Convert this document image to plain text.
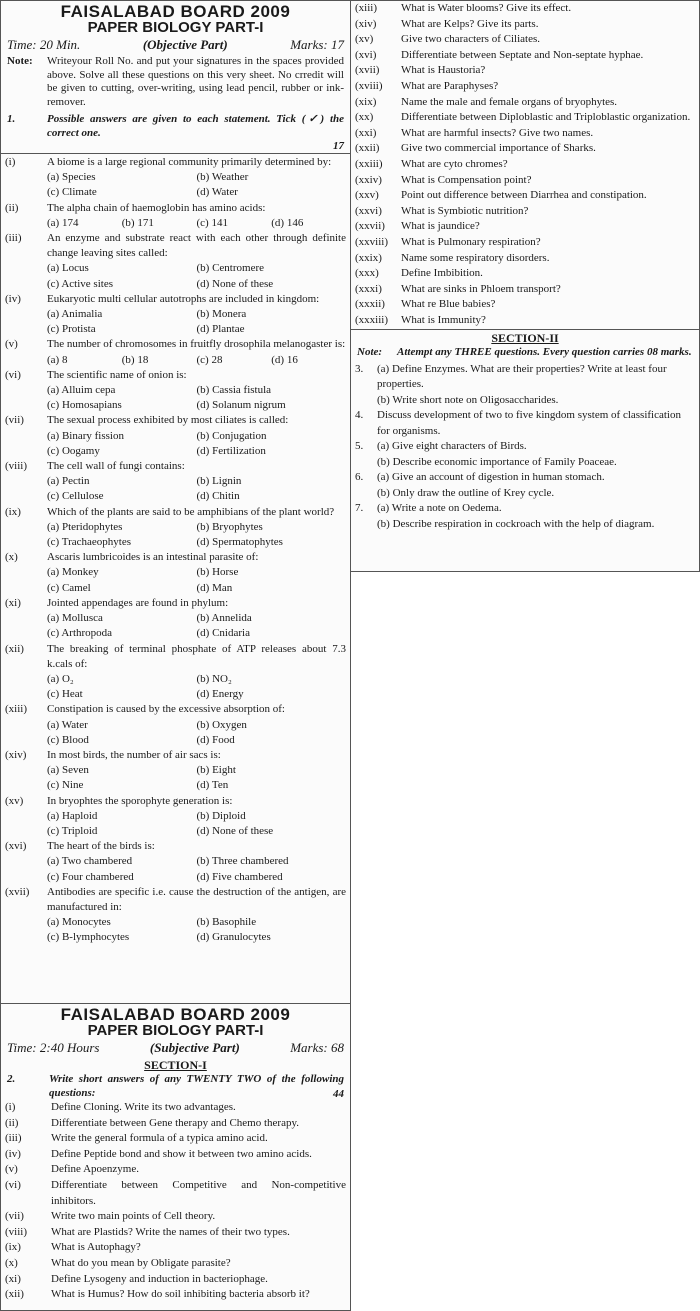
FAISALABAD BOARD 2009
PAPER BIOLOGY PART-I
Time: 20 Min.	(Objective Part)	Marks: 17
Note:	Writeyour Roll No. and put your signatures in the spaces provided above. Solve all these questions on this very sheet. No crredit will be given to cutting, over-writing, using lead pencil, rubber or ink-remover.
1.	Possible answers are given to each statement. Tick (✓) the correct one.
17
(i)	A biome is a large regional community primarily determined by:
(a) Species	(b) Weather
(c) Climate	(d) Water
(ii)	The alpha chain of haemoglobin has amino acids:
(a) 174	(b) 171	(c) 141	(d) 146
(iii)	An enzyme and substrate react with each other through definite change leaving sites called:
(a) Locus	(b) Centromere
(c) Active sites	(d) None of these
(iv)	Eukaryotic multi cellular autotrophs are included in kingdom:
(a) Animalia	(b) Monera
(c) Protista	(d) Plantae
(v)	The number of chromosomes in fruitfly drosophila melanogaster is:
(a) 8	(b) 18	(c) 28	(d) 16
(vi)	The scientific name of onion is:
(a) Alluim cepa	(b) Cassia fistula
(c) Homosapians	(d) Solanum nigrum
(vii)	The sexual process exhibited by most ciliates is called:
(a) Binary fission	(b) Conjugation
(c) Oogamy	(d) Fertilization
(viii)	The cell wall of fungi contains:
(a) Pectin	(b) Lignin
(c) Cellulose	(d) Chitin
(ix)	Which of the plants are said to be amphibians of the plant world?
(a) Pteridophytes	(b) Bryophytes
(c) Trachaeophytes	(d) Spermatophytes
(x)	Ascaris lumbricoides is an intestinal parasite of:
(a) Monkey	(b) Horse
(c) Camel	(d) Man
(xi)	Jointed appendages are found in phylum:
(a) Mollusca	(b) Annelida
(c) Arthropoda	(d) Cnidaria
(xii)	The breaking of terminal phosphate of ATP releases about 7.3 k.cals of:
(a) O₂	(b) NO₂
(c) Heat	(d) Energy
(xiii)	Constipation is caused by the excessive absorption of:
(a) Water	(b) Oxygen
(c) Blood	(d) Food
(xiv)	In most birds, the number of air sacs is:
(a) Seven	(b) Eight
(c) Nine	(d) Ten
(xv)	In bryophtes the sporophyte generation is:
(a) Haploid	(b) Diploid
(c) Triploid	(d) None of these
(xvi)	The heart of the birds is:
(a) Two chambered	(b) Three chambered
(c) Four chambered	(d) Five chambered
(xvii)	Antibodies are specific i.e. cause the destruction of the antigen, are manufactured in:
(a) Monocytes	(b) Basophile
(c) B-lymphocytes	(d) Granulocytes
FAISALABAD BOARD 2009
PAPER BIOLOGY PART-I
Time: 2:40 Hours	(Subjective Part)	Marks: 68
SECTION-I
2.	Write short answers of any TWENTY TWO of the following questions:	44
(i)	Define Cloning. Write its two advantages.
(ii)	Differentiate between Gene therapy and Chemo therapy.
(iii)	Write the general formula of a typica amino acid.
(iv)	Define Peptide bond and show it between two amino acids.
(v)	Define Apoenzyme.
(vi)	Differentiate between Competitive and Non-competitive inhibitors.
(vii)	Write two main points of Cell theory.
(viii)	What are Plastids? Write the names of their two types.
(ix)	What is Autophagy?
(x)	What do you mean by Obligate parasite?
(xi)	Define Lysogeny and induction in bacteriophage.
(xii)	What is Humus? How do soil inhibiting bacteria absorb it?
(xiii)	What is Water blooms? Give its effect.
(xiv)	What are Kelps? Give its parts.
(xv)	Give two characters of Ciliates.
(xvi)	Differentiate between Septate and Non-septate hyphae.
(xvii)	What is Haustoria?
(xviii)	What are Paraphyses?
(xix)	Name the male and female organs of bryophytes.
(xx)	Differentiate between Diploblastic and Triploblastic organization.
(xxi)	What are harmful insects? Give two names.
(xxii)	Give two commercial importance of Sharks.
(xxiii)	What are cyto chromes?
(xxiv)	What is Compensation point?
(xxv)	Point out difference between Diarrhea and constipation.
(xxvi)	What is Symbiotic nutrition?
(xxvii)	What is jaundice?
(xxviii)	What is Pulmonary respiration?
(xxix)	Name some respiratory disorders.
(xxx)	Define Imbibition.
(xxxi)	What are sinks in Phloem transport?
(xxxii)	What re Blue babies?
(xxxiii)	What is Immunity?
SECTION-II
Note:	Attempt any THREE questions. Every question carries 08 marks.
3.	(a) Define Enzymes. What are their properties? Write at least four properties.
(b) Write short note on Oligosaccharides.
4.	Discuss development of two to five kingdom system of classification for organisms.
5.	(a) Give eight characters of Birds.
(b) Describe economic importance of Family Poaceae.
6.	(a) Give an account of digestion in human stomach.
(b) Only draw the outline of Krey cycle.
7.	(a) Write a note on Oedema.
(b) Describe respiration in cockroach with the help of diagram.
